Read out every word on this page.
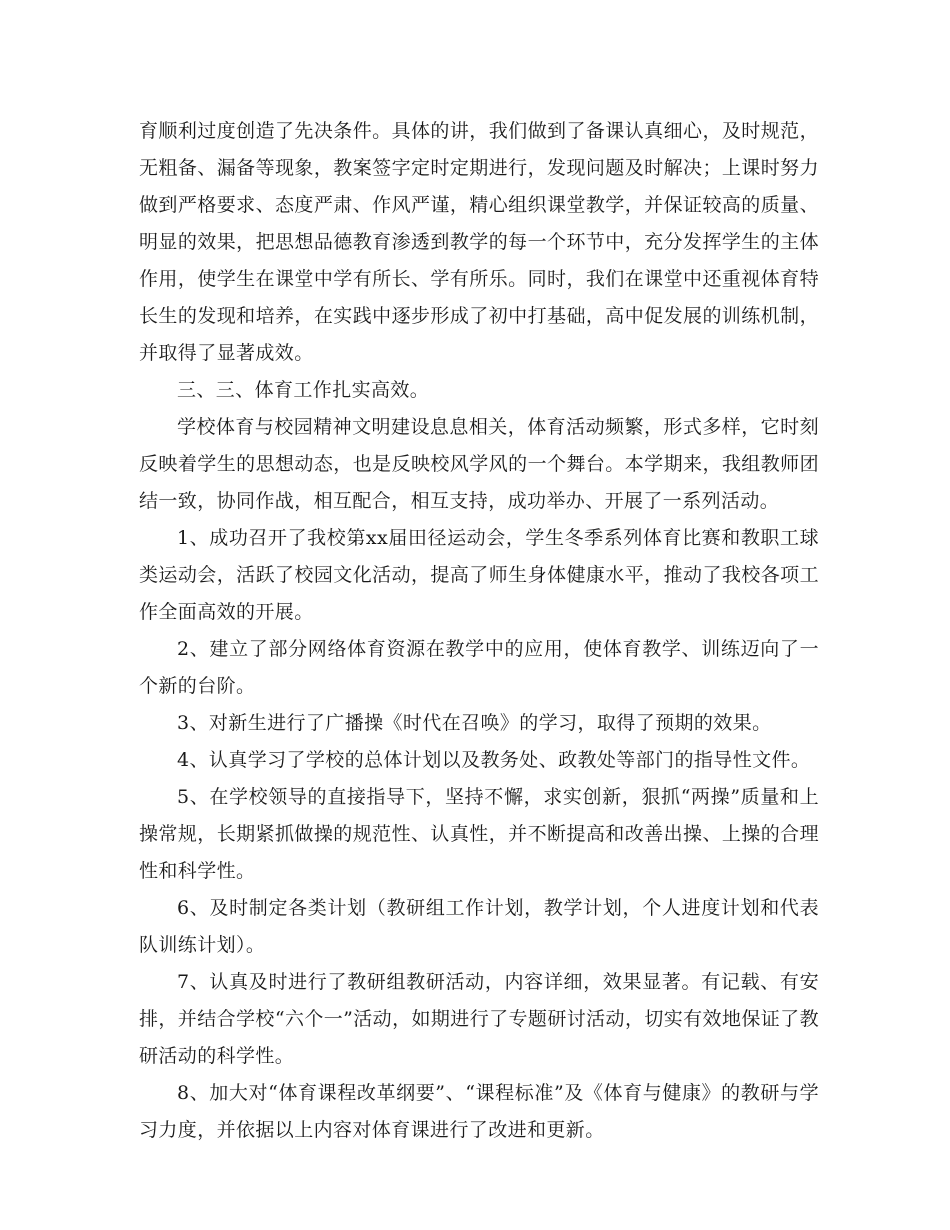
育顺利过度创造了先决条件。具体的讲，我们做到了备课认真细心，及时规范，无粗备、漏备等现象，教案签字定时定期进行，发现问题及时解决；上课时努力做到严格要求、态度严肃、作风严谨，精心组织课堂教学，并保证较高的质量、明显的效果，把思想品德教育渗透到教学的每一个环节中，充分发挥学生的主体作用，使学生在课堂中学有所长、学有所乐。同时，我们在课堂中还重视体育特长生的发现和培养，在实践中逐步形成了初中打基础，高中促发展的训练机制，并取得了显著成效。

三、三、体育工作扎实高效。

学校体育与校园精神文明建设息息相关，体育活动频繁，形式多样，它时刻反映着学生的思想动态，也是反映校风学风的一个舞台。本学期来，我组教师团结一致，协同作战，相互配合，相互支持，成功举办、开展了一系列活动。

1、成功召开了我校第xx届田径运动会，学生冬季系列体育比赛和教职工球类运动会，活跃了校园文化活动，提高了师生身体健康水平，推动了我校各项工作全面高效的开展。

2、建立了部分网络体育资源在教学中的应用，使体育教学、训练迈向了一个新的台阶。

3、对新生进行了广播操《时代在召唤》的学习，取得了预期的效果。

4、认真学习了学校的总体计划以及教务处、政教处等部门的指导性文件。

5、在学校领导的直接指导下，坚持不懈，求实创新，狠抓“两操”质量和上操常规，长期紧抓做操的规范性、认真性，并不断提高和改善出操、上操的合理性和科学性。

6、及时制定各类计划（教研组工作计划，教学计划，个人进度计划和代表队训练计划）。

7、认真及时进行了教研组教研活动，内容详细，效果显著。有记载、有安排，并结合学校“六个一”活动，如期进行了专题研讨活动，切实有效地保证了教研活动的科学性。

8、加大对“体育课程改革纲要”、“课程标准”及《体育与健康》的教研与学习力度，并依据以上内容对体育课进行了改进和更新。
